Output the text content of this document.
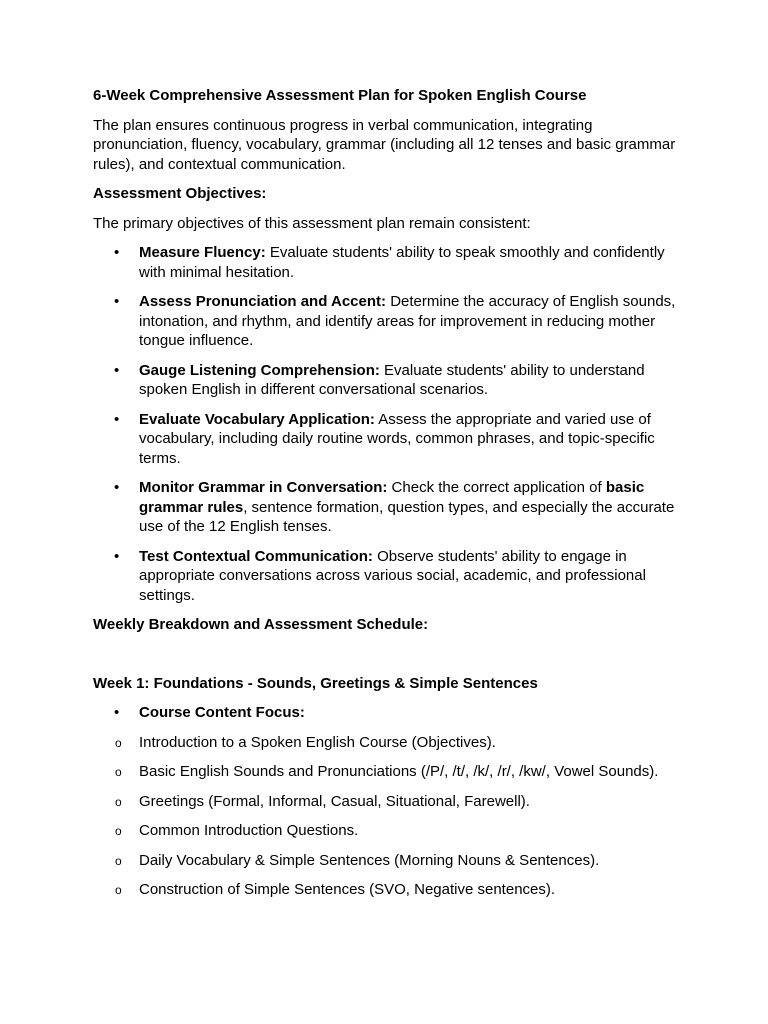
6-Week Comprehensive Assessment Plan for Spoken English Course

The plan ensures continuous progress in verbal communication, integrating pronunciation, fluency, vocabulary, grammar (including all 12 tenses and basic grammar rules), and contextual communication.

Assessment Objectives:

The primary objectives of this assessment plan remain consistent:

• Measure Fluency: Evaluate students' ability to speak smoothly and confidently with minimal hesitation.
• Assess Pronunciation and Accent: Determine the accuracy of English sounds, intonation, and rhythm, and identify areas for improvement in reducing mother tongue influence.
• Gauge Listening Comprehension: Evaluate students' ability to understand spoken English in different conversational scenarios.
• Evaluate Vocabulary Application: Assess the appropriate and varied use of vocabulary, including daily routine words, common phrases, and topic-specific terms.
• Monitor Grammar in Conversation: Check the correct application of basic grammar rules, sentence formation, question types, and especially the accurate use of the 12 English tenses.
• Test Contextual Communication: Observe students' ability to engage in appropriate conversations across various social, academic, and professional settings.

Weekly Breakdown and Assessment Schedule:

Week 1: Foundations - Sounds, Greetings & Simple Sentences

• Course Content Focus:
o Introduction to a Spoken English Course (Objectives).
o Basic English Sounds and Pronunciations (/P/, /t/, /k/, /r/, /kw/, Vowel Sounds).
o Greetings (Formal, Informal, Casual, Situational, Farewell).
o Common Introduction Questions.
o Daily Vocabulary & Simple Sentences (Morning Nouns & Sentences).
o Construction of Simple Sentences (SVO, Negative sentences).
